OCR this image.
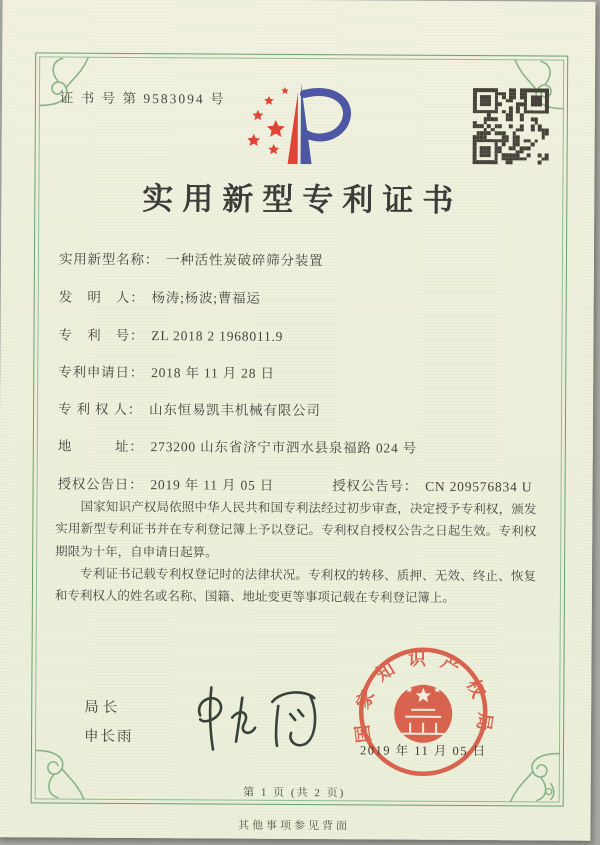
证 书 号 第 9583094 号
实用新型专利证书
实用新型名称： 一种活性炭破碎筛分装置
发　明　人： 杨涛;杨波;曹福运
专　利　号： ZL 2018 2 1968011.9
专利申请日： 2018 年 11 月 28 日
专 利 权 人： 山东恒易凯丰机械有限公司
地　　　址： 273200 山东省济宁市泗水县泉福路 024 号
授权公告日： 2019 年 11 月 05 日	授权公告号： CN 209576834 U

国家知识产权局依照中华人民共和国专利法经过初步审查，决定授予专利权，颁发实用新型专利证书并在专利登记簿上予以登记。专利权自授权公告之日起生效。专利权期限为十年，自申请日起算。

专利证书记载专利权登记时的法律状况。专利权的转移、质押、无效、终止、恢复和专利权人的姓名或名称、国籍、地址变更等事项记载在专利登记簿上。

局长
申长雨	国家知识产权局
2019 年 11 月 05 日
第 1 页 (共 2 页)
其他事项参见背面
